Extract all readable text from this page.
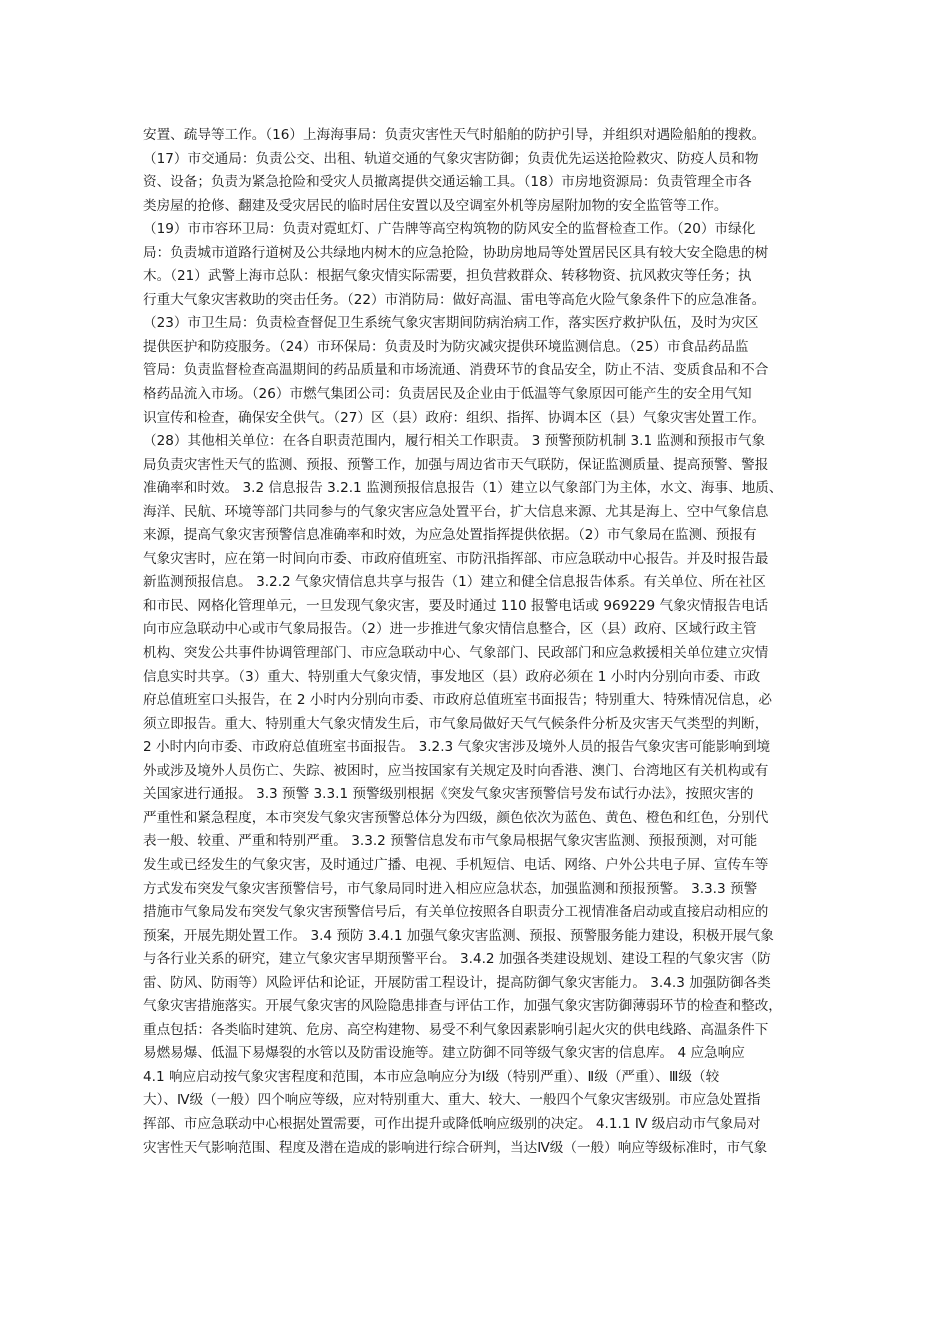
安置、疏导等工作。（16）上海海事局：负责灾害性天气时船舶的防护引导，并组织对遇险船舶的搜救。
（17）市交通局：负责公交、出租、轨道交通的气象灾害防御；负责优先运送抢险救灾、防疫人员和物
资、设备；负责为紧急抢险和受灾人员撤离提供交通运输工具。（18）市房地资源局：负责管理全市各
类房屋的抢修、翻建及受灾居民的临时居住安置以及空调室外机等房屋附加物的安全监管等工作。
（19）市市容环卫局：负责对霓虹灯、广告牌等高空构筑物的防风安全的监督检查工作。（20）市绿化
局：负责城市道路行道树及公共绿地内树木的应急抢险，协助房地局等处置居民区具有较大安全隐患的树
木。（21）武警上海市总队：根据气象灾情实际需要，担负营救群众、转移物资、抗风救灾等任务；执
行重大气象灾害救助的突击任务。（22）市消防局：做好高温、雷电等高危火险气象条件下的应急准备。
（23）市卫生局：负责检查督促卫生系统气象灾害期间防病治病工作，落实医疗救护队伍，及时为灾区
提供医护和防疫服务。（24）市环保局：负责及时为防灾减灾提供环境监测信息。（25）市食品药品监
管局：负责监督检查高温期间的药品质量和市场流通、消费环节的食品安全，防止不洁、变质食品和不合
格药品流入市场。（26）市燃气集团公司：负责居民及企业由于低温等气象原因可能产生的安全用气知
识宣传和检查，确保安全供气。（27）区（县）政府：组织、指挥、协调本区（县）气象灾害处置工作。
（28）其他相关单位：在各自职责范围内，履行相关工作职责。 3 预警预防机制 3.1 监测和预报市气象
局负责灾害性天气的监测、预报、预警工作，加强与周边省市天气联防，保证监测质量、提高预警、警报
准确率和时效。 3.2 信息报告 3.2.1 监测预报信息报告（1）建立以气象部门为主体，水文、海事、地质、
海洋、民航、环境等部门共同参与的气象灾害应急处置平台，扩大信息来源、尤其是海上、空中气象信息
来源，提高气象灾害预警信息准确率和时效，为应急处置指挥提供依据。（2）市气象局在监测、预报有
气象灾害时，应在第一时间向市委、市政府值班室、市防汛指挥部、市应急联动中心报告。并及时报告最
新监测预报信息。 3.2.2 气象灾情信息共享与报告（1）建立和健全信息报告体系。有关单位、所在社区
和市民、网格化管理单元，一旦发现气象灾害，要及时通过 110 报警电话或 969229 气象灾情报告电话
向市应急联动中心或市气象局报告。（2）进一步推进气象灾情信息整合，区（县）政府、区域行政主管
机构、突发公共事件协调管理部门、市应急联动中心、气象部门、民政部门和应急救援相关单位建立灾情
信息实时共享。（3）重大、特别重大气象灾情，事发地区（县）政府必须在 1 小时内分别向市委、市政
府总值班室口头报告，在 2 小时内分别向市委、市政府总值班室书面报告；特别重大、特殊情况信息，必
须立即报告。重大、特别重大气象灾情发生后，市气象局做好天气气候条件分析及灾害天气类型的判断，
2 小时内向市委、市政府总值班室书面报告。 3.2.3 气象灾害涉及境外人员的报告气象灾害可能影响到境
外或涉及境外人员伤亡、失踪、被困时，应当按国家有关规定及时向香港、澳门、台湾地区有关机构或有
关国家进行通报。 3.3 预警 3.3.1 预警级别根据《突发气象灾害预警信号发布试行办法》，按照灾害的
严重性和紧急程度，本市突发气象灾害预警总体分为四级，颜色依次为蓝色、黄色、橙色和红色，分别代
表一般、较重、严重和特别严重。 3.3.2 预警信息发布市气象局根据气象灾害监测、预报预测，对可能
发生或已经发生的气象灾害，及时通过广播、电视、手机短信、电话、网络、户外公共电子屏、宣传车等
方式发布突发气象灾害预警信号，市气象局同时进入相应应急状态，加强监测和预报预警。 3.3.3 预警
措施市气象局发布突发气象灾害预警信号后，有关单位按照各自职责分工视情准备启动或直接启动相应的
预案，开展先期处置工作。 3.4 预防 3.4.1 加强气象灾害监测、预报、预警服务能力建设，积极开展气象
与各行业关系的研究，建立气象灾害早期预警平台。 3.4.2 加强各类建设规划、建设工程的气象灾害（防
雷、防风、防雨等）风险评估和论证，开展防雷工程设计，提高防御气象灾害能力。 3.4.3 加强防御各类
气象灾害措施落实。开展气象灾害的风险隐患排查与评估工作，加强气象灾害防御薄弱环节的检查和整改，
重点包括：各类临时建筑、危房、高空构建物、易受不利气象因素影响引起火灾的供电线路、高温条件下
易燃易爆、低温下易爆裂的水管以及防雷设施等。建立防御不同等级气象灾害的信息库。 4 应急响应
4.1 响应启动按气象灾害程度和范围，本市应急响应分为Ⅰ级（特别严重）、Ⅱ级（严重）、Ⅲ级（较
大）、Ⅳ级（一般）四个响应等级，应对特别重大、重大、较大、一般四个气象灾害级别。市应急处置指
挥部、市应急联动中心根据处置需要，可作出提升或降低响应级别的决定。 4.1.1 Ⅳ 级启动市气象局对
灾害性天气影响范围、程度及潜在造成的影响进行综合研判，当达Ⅳ级（一般）响应等级标准时，市气象
